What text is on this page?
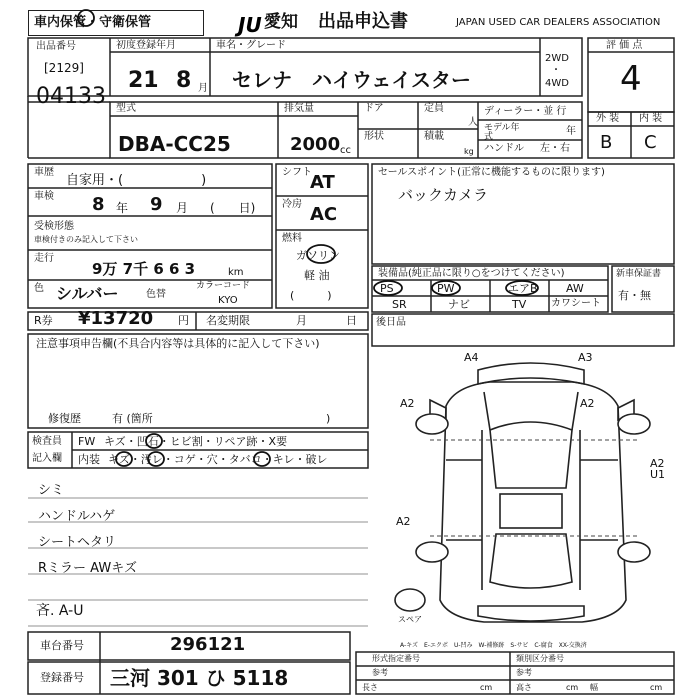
車内保管・守衛保管	JU 愛知 出品申込書	JAPAN USED CAR DEALERS ASSOCIATION
出品番号
[2129]
04133
初度登録年月
21 8 月
車名・グレード
セレナ　ハイウェイスター
2WD
・
4WD
評 価 点
4
型式
DBA-CC25
排気量
2000 cc
ドア	定員
人
形状	積載
kg
ディーラー・並 行
モデル年式	年
ハンドル 左・右
外 装 内 装
B C
車歴
自家用・(　　　　　　)
車検 8 年 9 月 (　　日)
受検形態
車検付きのみ記入して下さい
走行
9万 7千 6 6 3	km
色 シルバー	色替
カラーコード
KYO
シフト
AT
冷房 AC
燃料
ガソリン
軽 油
(　　　)
セールスポイント(正常に機能するものに限ります)
バックカメラ
装備品(純正品に限り○をつけてください)
PS	PW	エアB	AW
SR	ナビ	TV カワシート
新車保証書
有・無
R券 ¥13720 円 名変期限	月	日 後日品
注意事項申告欄(不具合内容等は具体的に記入して下さい)
修復歴	有 (箇所	)
検査員
記入欄
FW キズ・凹石・ヒビ割・リペア跡・X要
内装 キズ・汚レ・コゲ・穴・タバコ・キレ・破レ
シミ
ハンドルハゲ
シートヘタリ
Rミラー AWキズ
吝. A-U
車台番号	296121
登録番号 三河 301 ひ 5118
A4	A3
A2	A2
A2 U1
A2
スペア
A-キズ　E-エクボ　U-凹み　W-補修跡　S-サビ　C-腐食　XX-交換済
形式指定番号
参考
類別区分番号
参考
長さ	cm	高さ	cm 幅	cm
